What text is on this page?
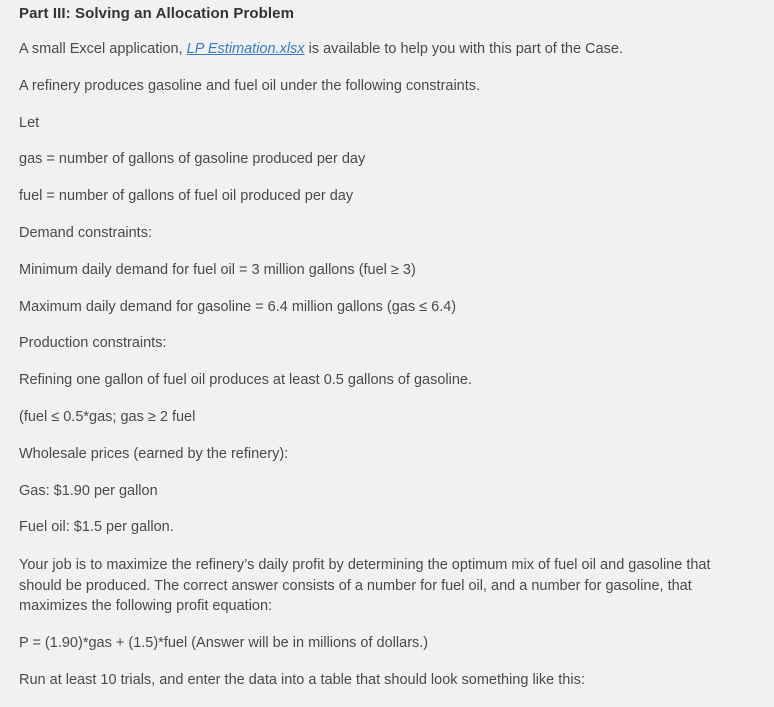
Part III: Solving an Allocation Problem

A small Excel application, LP Estimation.xlsx is available to help you with this part of the Case.

A refinery produces gasoline and fuel oil under the following constraints.

Let

gas = number of gallons of gasoline produced per day

fuel = number of gallons of fuel oil produced per day

Demand constraints:

Minimum daily demand for fuel oil = 3 million gallons (fuel ≥ 3)

Maximum daily demand for gasoline = 6.4 million gallons (gas ≤ 6.4)

Production constraints:

Refining one gallon of fuel oil produces at least 0.5 gallons of gasoline.

(fuel ≤ 0.5*gas; gas ≥ 2 fuel

Wholesale prices (earned by the refinery):

Gas: $1.90 per gallon

Fuel oil: $1.5 per gallon.

Your job is to maximize the refinery’s daily profit by determining the optimum mix of fuel oil and gasoline that should be produced. The correct answer consists of a number for fuel oil, and a number for gasoline, that maximizes the following profit equation:

P = (1.90)*gas + (1.5)*fuel (Answer will be in millions of dollars.)

Run at least 10 trials, and enter the data into a table that should look something like this:
